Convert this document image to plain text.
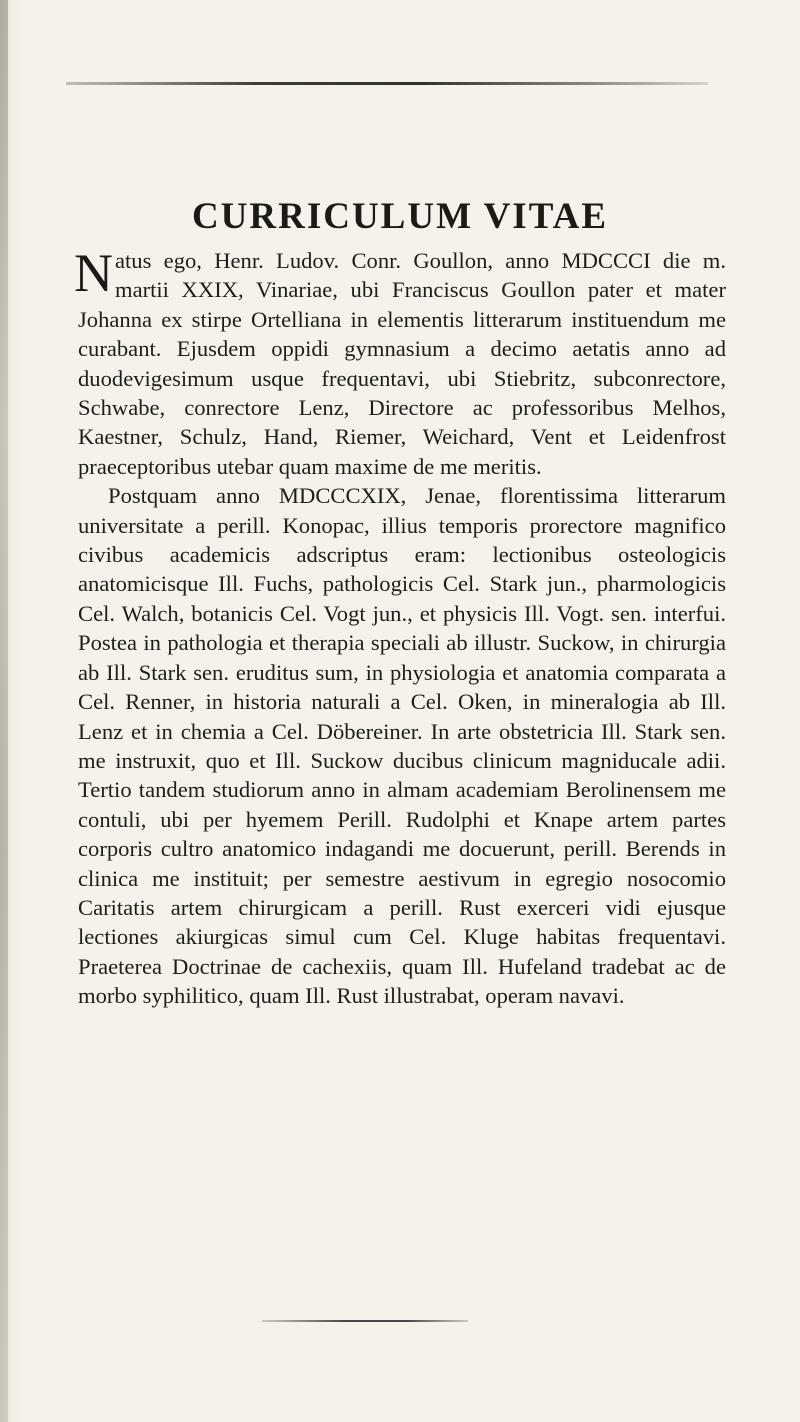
CURRICULUM VITAE

Natus ego, Henr. Ludov. Conr. Goullon, anno MDCCCI die m. martii XXIX, Vinariae, ubi Franciscus Goullon pater et mater Johanna ex stirpe Ortelliana in elementis litterarum instituendum me curabant. Ejusdem oppidi gymnasium a decimo aetatis anno ad duodevigesimum usque frequentavi, ubi Stiebritz, subconrectore, Schwabe, conrectore Lenz, Directore ac professoribus Melhos, Kaestner, Schulz, Hand, Riemer, Weichard, Vent et Leidenfrost praeceptoribus utebar quam maxime de me meritis.

Postquam anno MDCCCXIX, Jenae, florentissima litterarum universitate a perill. Konopac, illius temporis prorectore magnifico civibus academicis adscriptus eram: lectionibus osteologicis anatomicisque Ill. Fuchs, pathologicis Cel. Stark jun., pharmologicis Cel. Walch, botanicis Cel. Vogt jun., et physicis Ill. Vogt. sen. interfui. Postea in pathologia et therapia speciali ab illustr. Suckow, in chirurgia ab Ill. Stark sen. eruditus sum, in physiologia et anatomia comparata a Cel. Renner, in historia naturali a Cel. Oken, in mineralogia ab Ill. Lenz et in chemia a Cel. Döbereiner. In arte obstetricia Ill. Stark sen. me instruxit, quo et Ill. Suckow ducibus clinicum magniducale adii. Tertio tandem studiorum anno in almam academiam Berolinensem me contuli, ubi per hyemem Perill. Rudolphi et Knape artem partes corporis cultro anatomico indagandi me docuerunt, perill. Berends in clinica me instituit; per semestre aestivum in egregio nosocomio Caritatis artem chirurgicam a perill. Rust exerceri vidi ejusque lectiones akiurgicas simul cum Cel. Kluge habitas frequentavi. Praeterea Doctrinae de cachexiis, quam Ill. Hufeland tradebat ac de morbo syphilitico, quam Ill. Rust illustrabat, operam navavi.
